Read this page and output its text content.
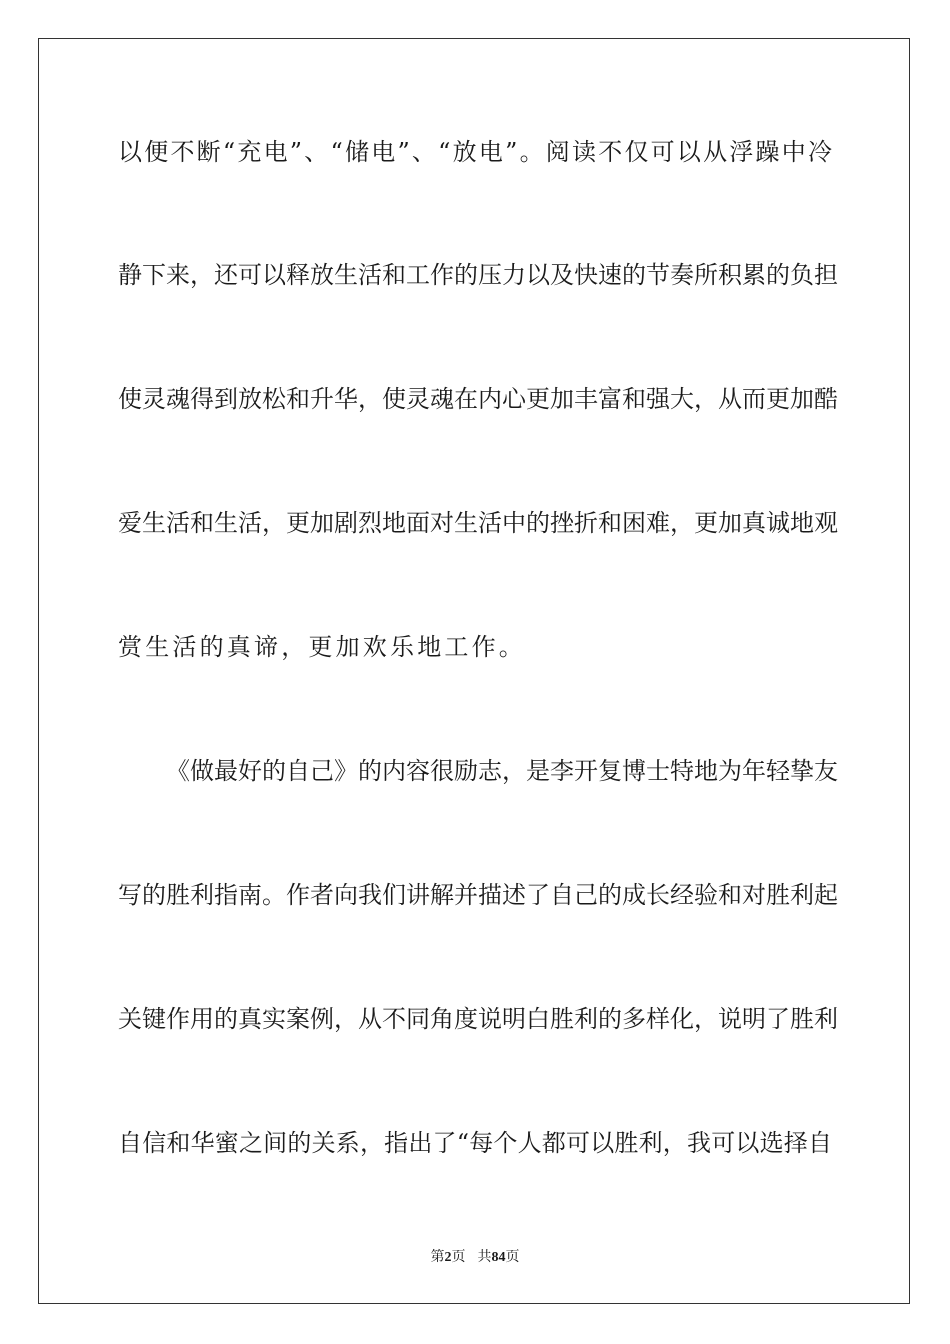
以便不断“充电”、“储电”、“放电”。阅读不仅可以从浮躁中冷
静下来，还可以释放生活和工作的压力以及快速的节奏所积累的负担
使灵魂得到放松和升华，使灵魂在内心更加丰富和强大，从而更加酷
爱生活和生活，更加剧烈地面对生活中的挫折和困难，更加真诚地观
赏生活的真谛，更加欢乐地工作。
《做最好的自己》的内容很励志，是李开复博士特地为年轻挚友
写的胜利指南。作者向我们讲解并描述了自己的成长经验和对胜利起
关键作用的真实案例，从不同角度说明白胜利的多样化，说明了胜利
自信和华蜜之间的关系，指出了“每个人都可以胜利，我可以选择自
第2页 共84页
